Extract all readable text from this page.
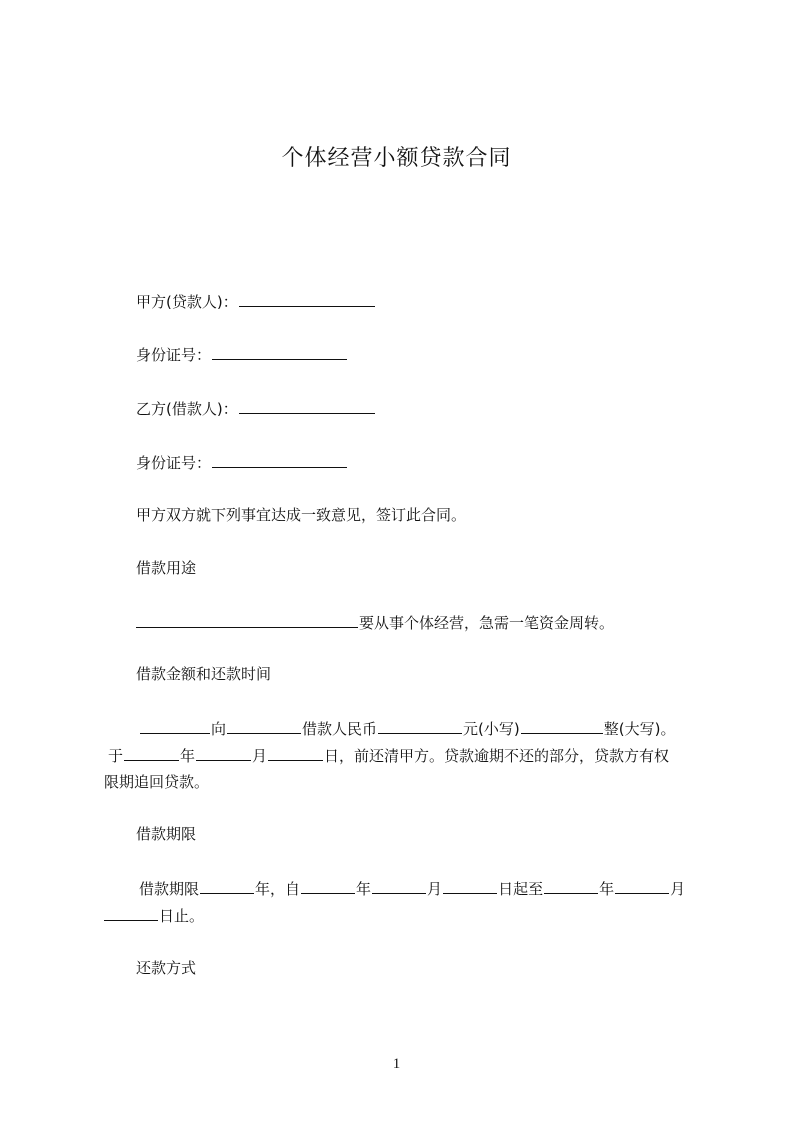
个体经营小额贷款合同
甲方(贷款人)：
身份证号：
乙方(借款人)：
身份证号：
甲方双方就下列事宜达成一致意见，签订此合同。
借款用途
要从事个体经营，急需一笔资金周转。
借款金额和还款时间
向	借款人民币	元(小写)	整(大写)。
于	年	月	日，前还清甲方。贷款逾期不还的部分，贷款方有权
限期追回贷款。
借款期限
借款期限	年，自	年	月	日起至	年	月
日止。
还款方式
1
